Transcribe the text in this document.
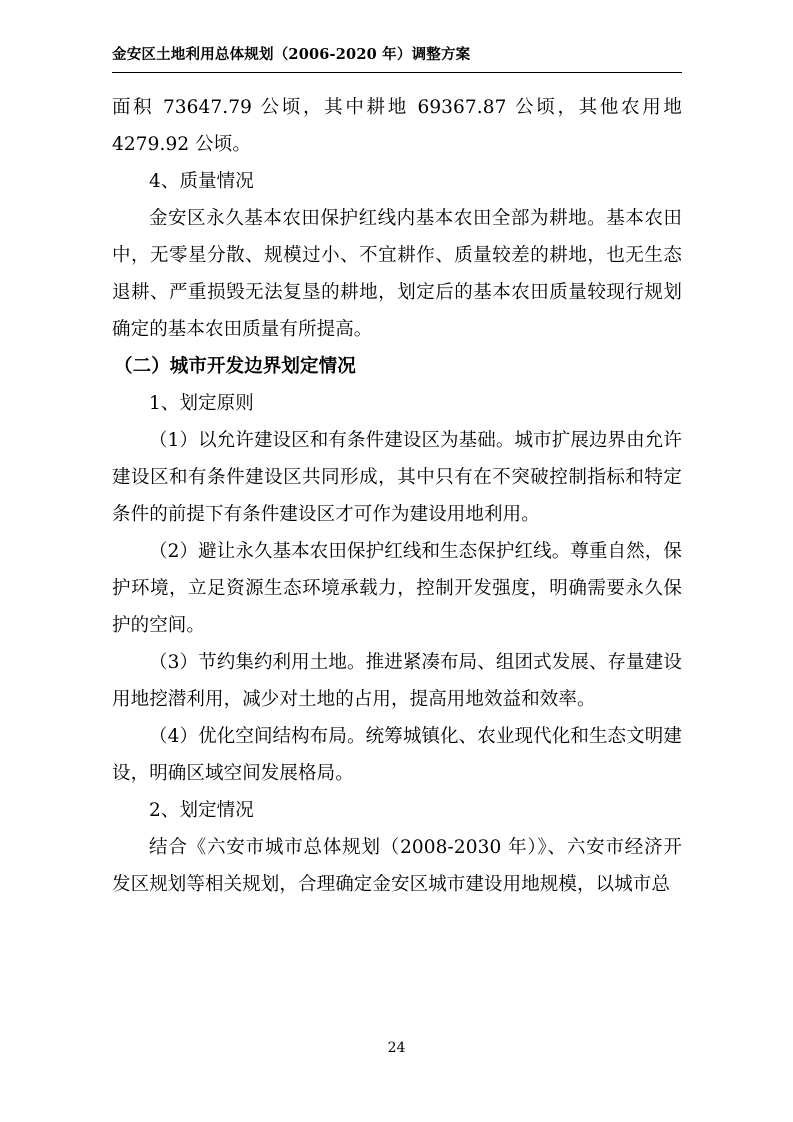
金安区土地利用总体规划（2006-2020 年）调整方案

面积 73647.79 公顷，其中耕地 69367.87 公顷，其他农用地 4279.92 公顷。

4、质量情况

金安区永久基本农田保护红线内基本农田全部为耕地。基本农田中，无零星分散、规模过小、不宜耕作、质量较差的耕地，也无生态退耕、严重损毁无法复垦的耕地，划定后的基本农田质量较现行规划确定的基本农田质量有所提高。

（二）城市开发边界划定情况

1、划定原则

（1）以允许建设区和有条件建设区为基础。城市扩展边界由允许建设区和有条件建设区共同形成，其中只有在不突破控制指标和特定条件的前提下有条件建设区才可作为建设用地利用。

（2）避让永久基本农田保护红线和生态保护红线。尊重自然，保护环境，立足资源生态环境承载力，控制开发强度，明确需要永久保护的空间。

（3）节约集约利用土地。推进紧凑布局、组团式发展、存量建设用地挖潜利用，减少对土地的占用，提高用地效益和效率。

（4）优化空间结构布局。统筹城镇化、农业现代化和生态文明建设，明确区域空间发展格局。

2、划定情况

结合《六安市城市总体规划（2008-2030 年）》、六安市经济开发区规划等相关规划，合理确定金安区城市建设用地规模，以城市总

24
